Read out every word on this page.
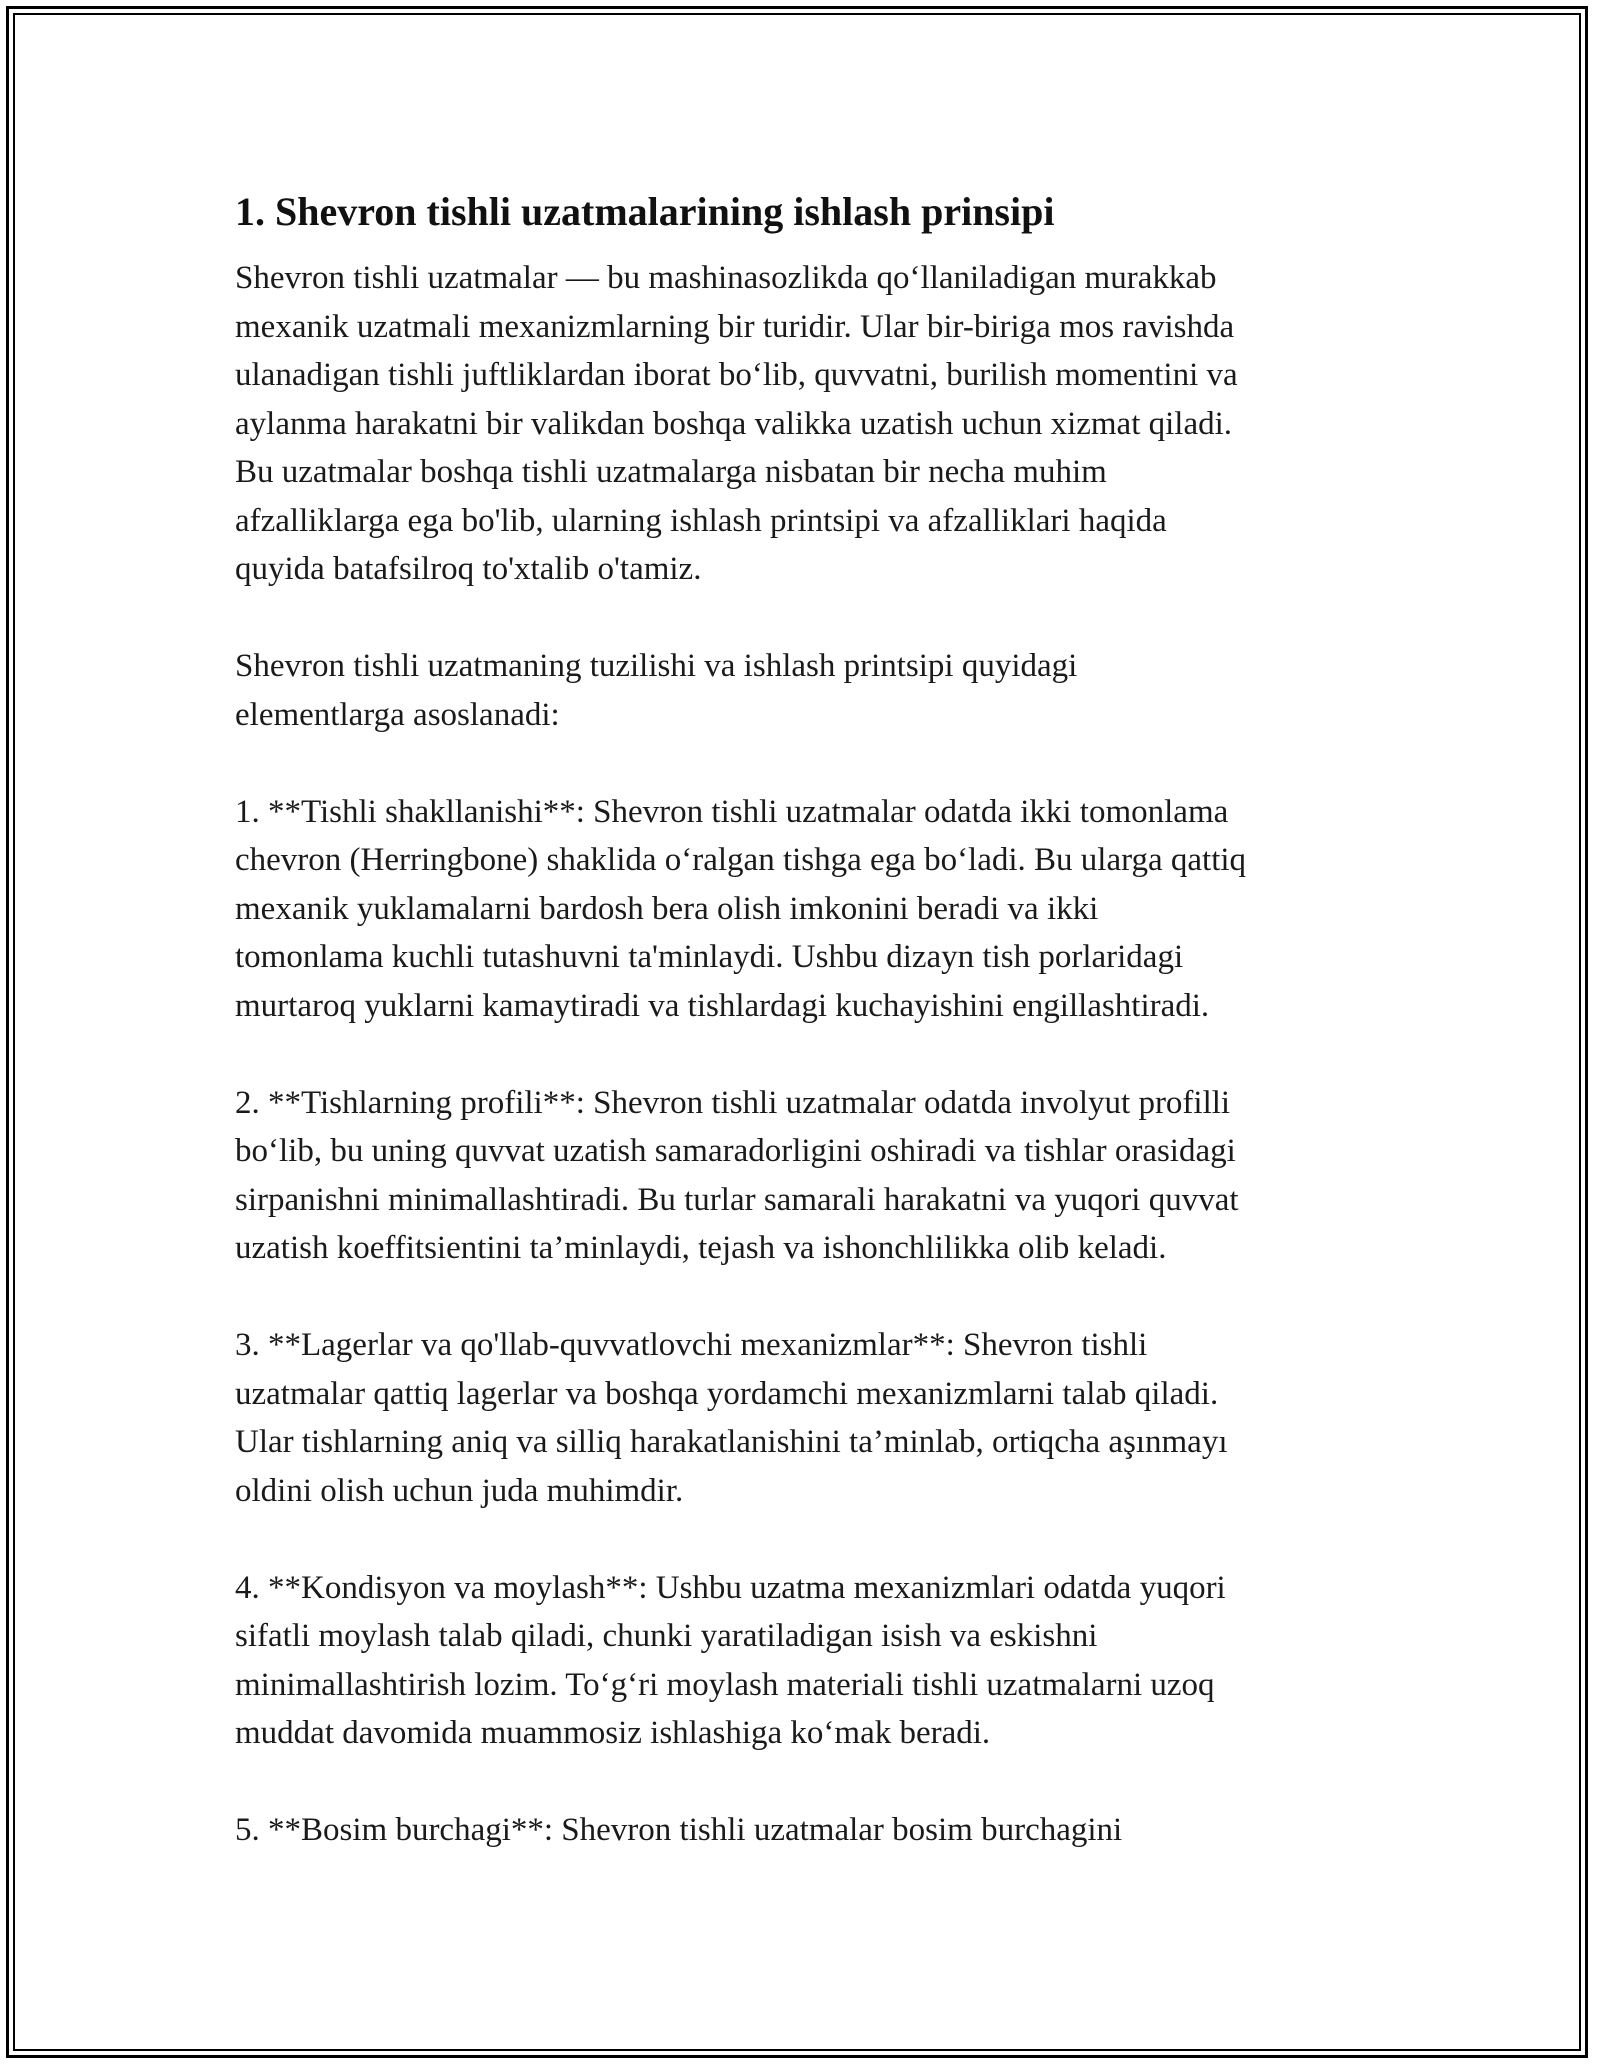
1. Shevron tishli uzatmalarining ishlash prinsipi
Shevron tishli uzatmalar — bu mashinasozlikda qo‘llaniladigan murakkab
mexanik uzatmali mexanizmlarning bir turidir. Ular bir-biriga mos ravishda
ulanadigan tishli juftliklardan iborat bo‘lib, quvvatni, burilish momentini va
aylanma harakatni bir valikdan boshqa valikka uzatish uchun xizmat qiladi.
Bu uzatmalar boshqa tishli uzatmalarga nisbatan bir necha muhim
afzalliklarga ega bo'lib, ularning ishlash printsipi va afzalliklari haqida
quyida batafsilroq to'xtalib o'tamiz.
Shevron tishli uzatmaning tuzilishi va ishlash printsipi quyidagi
elementlarga asoslanadi:
1. **Tishli shakllanishi**: Shevron tishli uzatmalar odatda ikki tomonlama
chevron (Herringbone) shaklida o‘ralgan tishga ega bo‘ladi. Bu ularga qattiq
mexanik yuklamalarni bardosh bera olish imkonini beradi va ikki
tomonlama kuchli tutashuvni ta'minlaydi. Ushbu dizayn tish porlaridagi
murtaroq yuklarni kamaytiradi va tishlardagi kuchayishini engillashtiradi.
2. **Tishlarning profili**: Shevron tishli uzatmalar odatda involyut profilli
bo‘lib, bu uning quvvat uzatish samaradorligini oshiradi va tishlar orasidagi
sirpanishni minimallashtiradi. Bu turlar samarali harakatni va yuqori quvvat
uzatish koeffitsientini ta’minlaydi, tejash va ishonchlilikka olib keladi.
3. **Lagerlar va qo'llab-quvvatlovchi mexanizmlar**: Shevron tishli
uzatmalar qattiq lagerlar va boshqa yordamchi mexanizmlarni talab qiladi.
Ular tishlarning aniq va silliq harakatlanishini ta’minlab, ortiqcha aşınmayı
oldini olish uchun juda muhimdir.
4. **Kondisyon va moylash**: Ushbu uzatma mexanizmlari odatda yuqori
sifatli moylash talab qiladi, chunki yaratiladigan isish va eskishni
minimallashtirish lozim. To‘g‘ri moylash materiali tishli uzatmalarni uzoq
muddat davomida muammosiz ishlashiga ko‘mak beradi.
5. **Bosim burchagi**: Shevron tishli uzatmalar bosim burchagini
